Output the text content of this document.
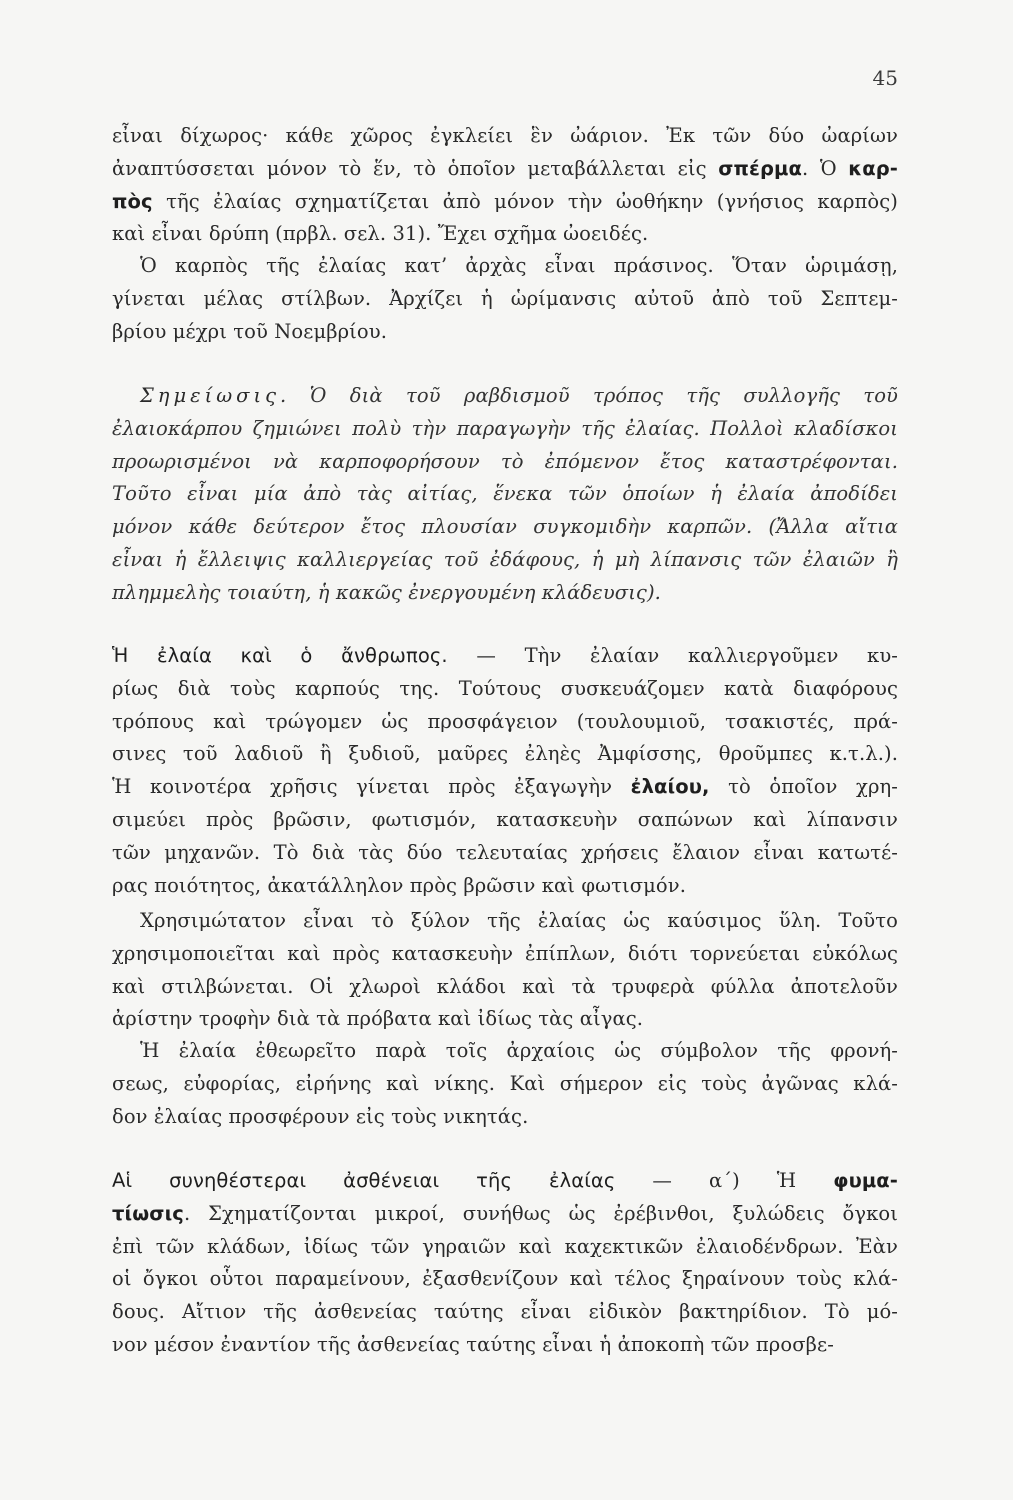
45
εἶναι δίχωρος· κάθε χῶρος ἐγκλείει ἓν ὠάριον. Ἐκ τῶν δύο ὠαρίων
ἀναπτύσσεται μόνον τὸ ἕν, τὸ ὁποῖον μεταβάλλεται εἰς σπέρμα. Ὁ καρ-
πὸς τῆς ἐλαίας σχηματίζεται ἀπὸ μόνον τὴν ὠοθήκην (γνήσιος καρπὸς)
καὶ εἶναι δρύπη (πρβλ. σελ. 31). Ἔχει σχῆμα ὠοειδές.
Ὁ καρπὸς τῆς ἐλαίας κατ’ ἀρχὰς εἶναι πράσινος. Ὅταν ὡριμάσῃ,
γίνεται μέλας στίλβων. Ἀρχίζει ἡ ὡρίμανσις αὐτοῦ ἀπὸ τοῦ Σεπτεμ-
βρίου μέχρι τοῦ Νοεμβρίου.
Σημείωσις. Ὁ διὰ τοῦ ραβδισμοῦ τρόπος τῆς συλλογῆς τοῦ
ἐλαιοκάρπου ζημιώνει πολὺ τὴν παραγωγὴν τῆς ἐλαίας. Πολλοὶ κλαδίσκοι
προωρισμένοι νὰ καρποφορήσουν τὸ ἐπόμενον ἔτος καταστρέφονται.
Τοῦτο εἶναι μία ἀπὸ τὰς αἰτίας, ἕνεκα τῶν ὁποίων ἡ ἐλαία ἀποδίδει
μόνον κάθε δεύτερον ἔτος πλουσίαν συγκομιδὴν καρπῶν. (Ἄλλα αἴτια
εἶναι ἡ ἔλλειψις καλλιεργείας τοῦ ἐδάφους, ἡ μὴ λίπανσις τῶν ἐλαιῶν ἢ
πλημμελὴς τοιαύτη, ἡ κακῶς ἐνεργουμένη κλάδευσις).
Ἡ ἐλαία καὶ ὁ ἄνθρωπος. — Τὴν ἐλαίαν καλλιεργοῦμεν κυ-
ρίως διὰ τοὺς καρπούς της. Τούτους συσκευάζομεν κατὰ διαφόρους
τρόπους καὶ τρώγομεν ὡς προσφάγειον (τουλουμιοῦ, τσακιστές, πρά-
σινες τοῦ λαδιοῦ ἢ ξυδιοῦ, μαῦρες ἐληὲς Ἀμφίσσης, θροῦμπες κ.τ.λ.).
Ἡ κοινοτέρα χρῆσις γίνεται πρὸς ἐξαγωγὴν ἐλαίου, τὸ ὁποῖον χρη-
σιμεύει πρὸς βρῶσιν, φωτισμόν, κατασκευὴν σαπώνων καὶ λίπανσιν
τῶν μηχανῶν. Τὸ διὰ τὰς δύο τελευταίας χρήσεις ἔλαιον εἶναι κατωτέ-
ρας ποιότητος, ἀκατάλληλον πρὸς βρῶσιν καὶ φωτισμόν.
Χρησιμώτατον εἶναι τὸ ξύλον τῆς ἐλαίας ὡς καύσιμος ὕλη. Τοῦτο
χρησιμοποιεῖται καὶ πρὸς κατασκευὴν ἐπίπλων, διότι τορνεύεται εὐκόλως
καὶ στιλβώνεται. Οἱ χλωροὶ κλάδοι καὶ τὰ τρυφερὰ φύλλα ἀποτελοῦν
ἀρίστην τροφὴν διὰ τὰ πρόβατα καὶ ἰδίως τὰς αἶγας.
Ἡ ἐλαία ἐθεωρεῖτο παρὰ τοῖς ἀρχαίοις ὡς σύμβολον τῆς φρονή-
σεως, εὐφορίας, εἰρήνης καὶ νίκης. Καὶ σήμερον εἰς τοὺς ἀγῶνας κλά-
δον ἐλαίας προσφέρουν εἰς τοὺς νικητάς.
Αἱ συνηθέστεραι ἀσθένειαι τῆς ἐλαίας — α΄) Ἡ φυμα-
τίωσις. Σχηματίζονται μικροί, συνήθως ὡς ἐρέβινθοι, ξυλώδεις ὄγκοι
ἐπὶ τῶν κλάδων, ἰδίως τῶν γηραιῶν καὶ καχεκτικῶν ἐλαιοδένδρων. Ἐὰν
οἱ ὄγκοι οὗτοι παραμείνουν, ἐξασθενίζουν καὶ τέλος ξηραίνουν τοὺς κλά-
δους. Αἴτιον τῆς ἀσθενείας ταύτης εἶναι εἰδικὸν βακτηρίδιον. Τὸ μό-
νον μέσον ἐναντίον τῆς ἀσθενείας ταύτης εἶναι ἡ ἀποκοπὴ τῶν προσβε-
